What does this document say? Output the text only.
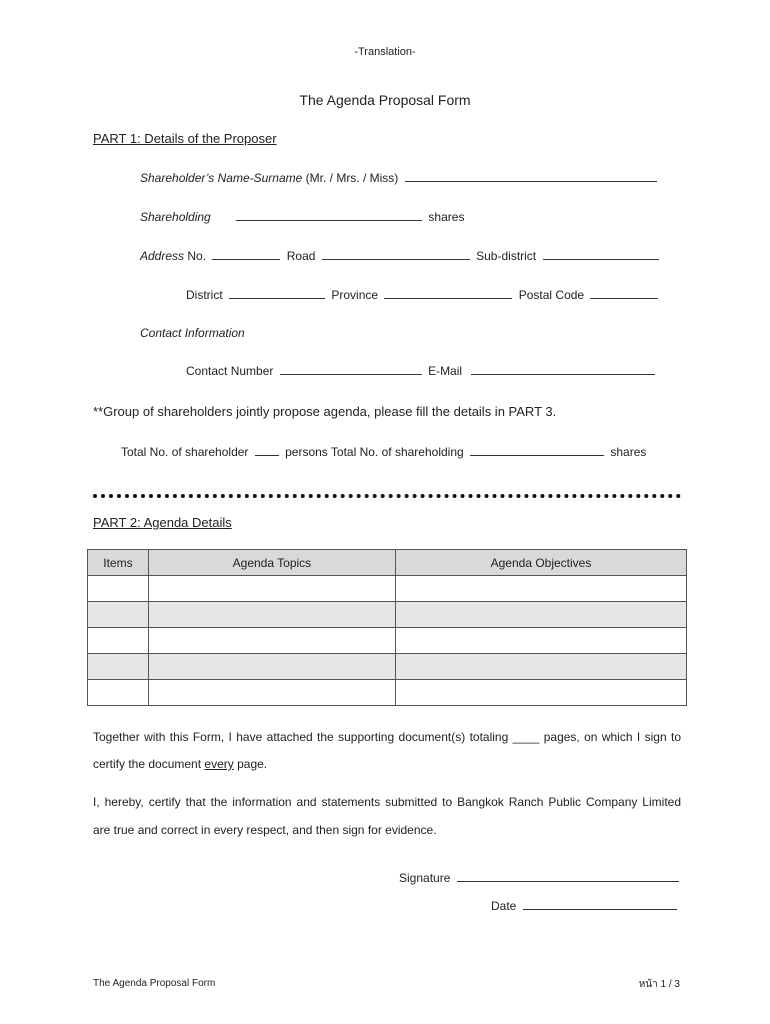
-Translation-
The Agenda Proposal Form
PART 1: Details of the Proposer
Shareholder’s Name-Surname (Mr. / Mrs. / Miss)
Shareholding	shares
Address No.	Road	Sub-district
District	Province	Postal Code
Contact Information
Contact Number	E-Mail
**Group of shareholders jointly propose agenda, please fill the details in PART 3.
Total No. of shareholder	persons Total No. of shareholding	shares
PART 2: Agenda Details
Items	Agenda Topics	Agenda Objectives

Together with this Form, I have attached the supporting document(s) totaling ____ pages, on which I sign to
certify the document every page.
I, hereby, certify that the information and statements submitted to Bangkok Ranch Public Company Limited
are true and correct in every respect, and then sign for evidence.
Signature
Date
The Agenda Proposal Form	หน้า 1 / 3
